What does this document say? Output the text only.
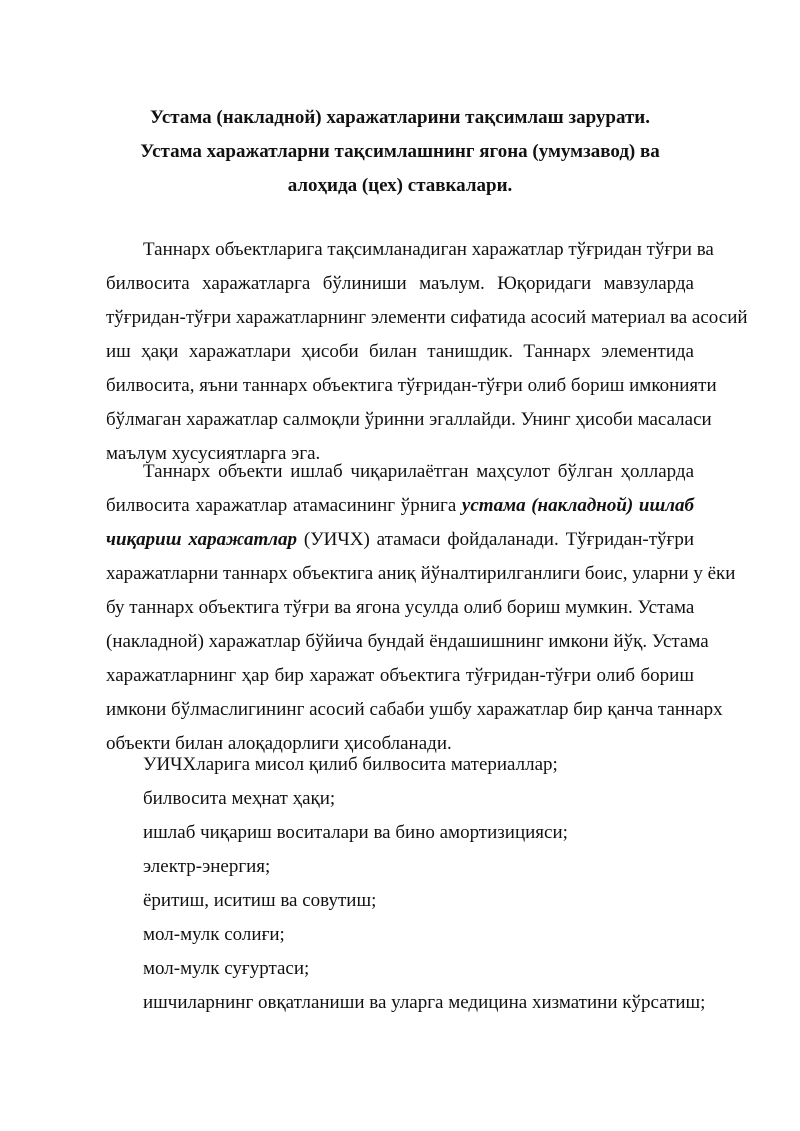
Устама (накладной) харажатларини тақсимлаш зарурати.
Устама харажатларни тақсимлашнинг ягона (умумзавод) ва
алоҳида (цех) ставкалари.
Таннарх объектларига тақсимланадиган харажатлар тўғридан тўғри ва
билвосита харажатларга бўлиниши маълум. Юқоридаги мавзуларда
тўғридан-тўғри харажатларнинг элементи сифатида асосий материал ва асосий
иш ҳақи харажатлари ҳисоби билан танишдик. Таннарх элементида
билвосита, яъни таннарх объектига тўғридан-тўғри олиб бориш имконияти
бўлмаган харажатлар салмоқли ўринни эгаллайди. Унинг ҳисоби масаласи
маълум хусусиятларга эга.
Таннарх объекти ишлаб чиқарилаётган маҳсулот бўлган ҳолларда
билвосита харажатлар атамасининг ўрнига устама (накладной) ишлаб
чиқариш харажатлар (УИЧХ) атамаси фойдаланади. Тўғридан-тўғри
харажатларни таннарх объектига аниқ йўналтирилганлиги боис, уларни у ёки
бу таннарх объектига тўғри ва ягона усулда олиб бориш мумкин. Устама
(накладной) харажатлар бўйича бундай ёндашишнинг имкони йўқ. Устама
харажатларнинг ҳар бир харажат объектига тўғридан-тўғри олиб бориш
имкони бўлмаслигининг асосий сабаби ушбу харажатлар бир қанча таннарх
объекти билан алоқадорлиги ҳисобланади.
УИЧХларига мисол қилиб билвосита материаллар;
билвосита меҳнат ҳақи;
ишлаб чиқариш воситалари ва бино амортизицияси;
электр-энергия;
ёритиш, иситиш ва совутиш;
мол-мулк солиғи;
мол-мулк суғуртаси;
ишчиларнинг овқатланиши ва уларга медицина хизматини кўрсатиш;
